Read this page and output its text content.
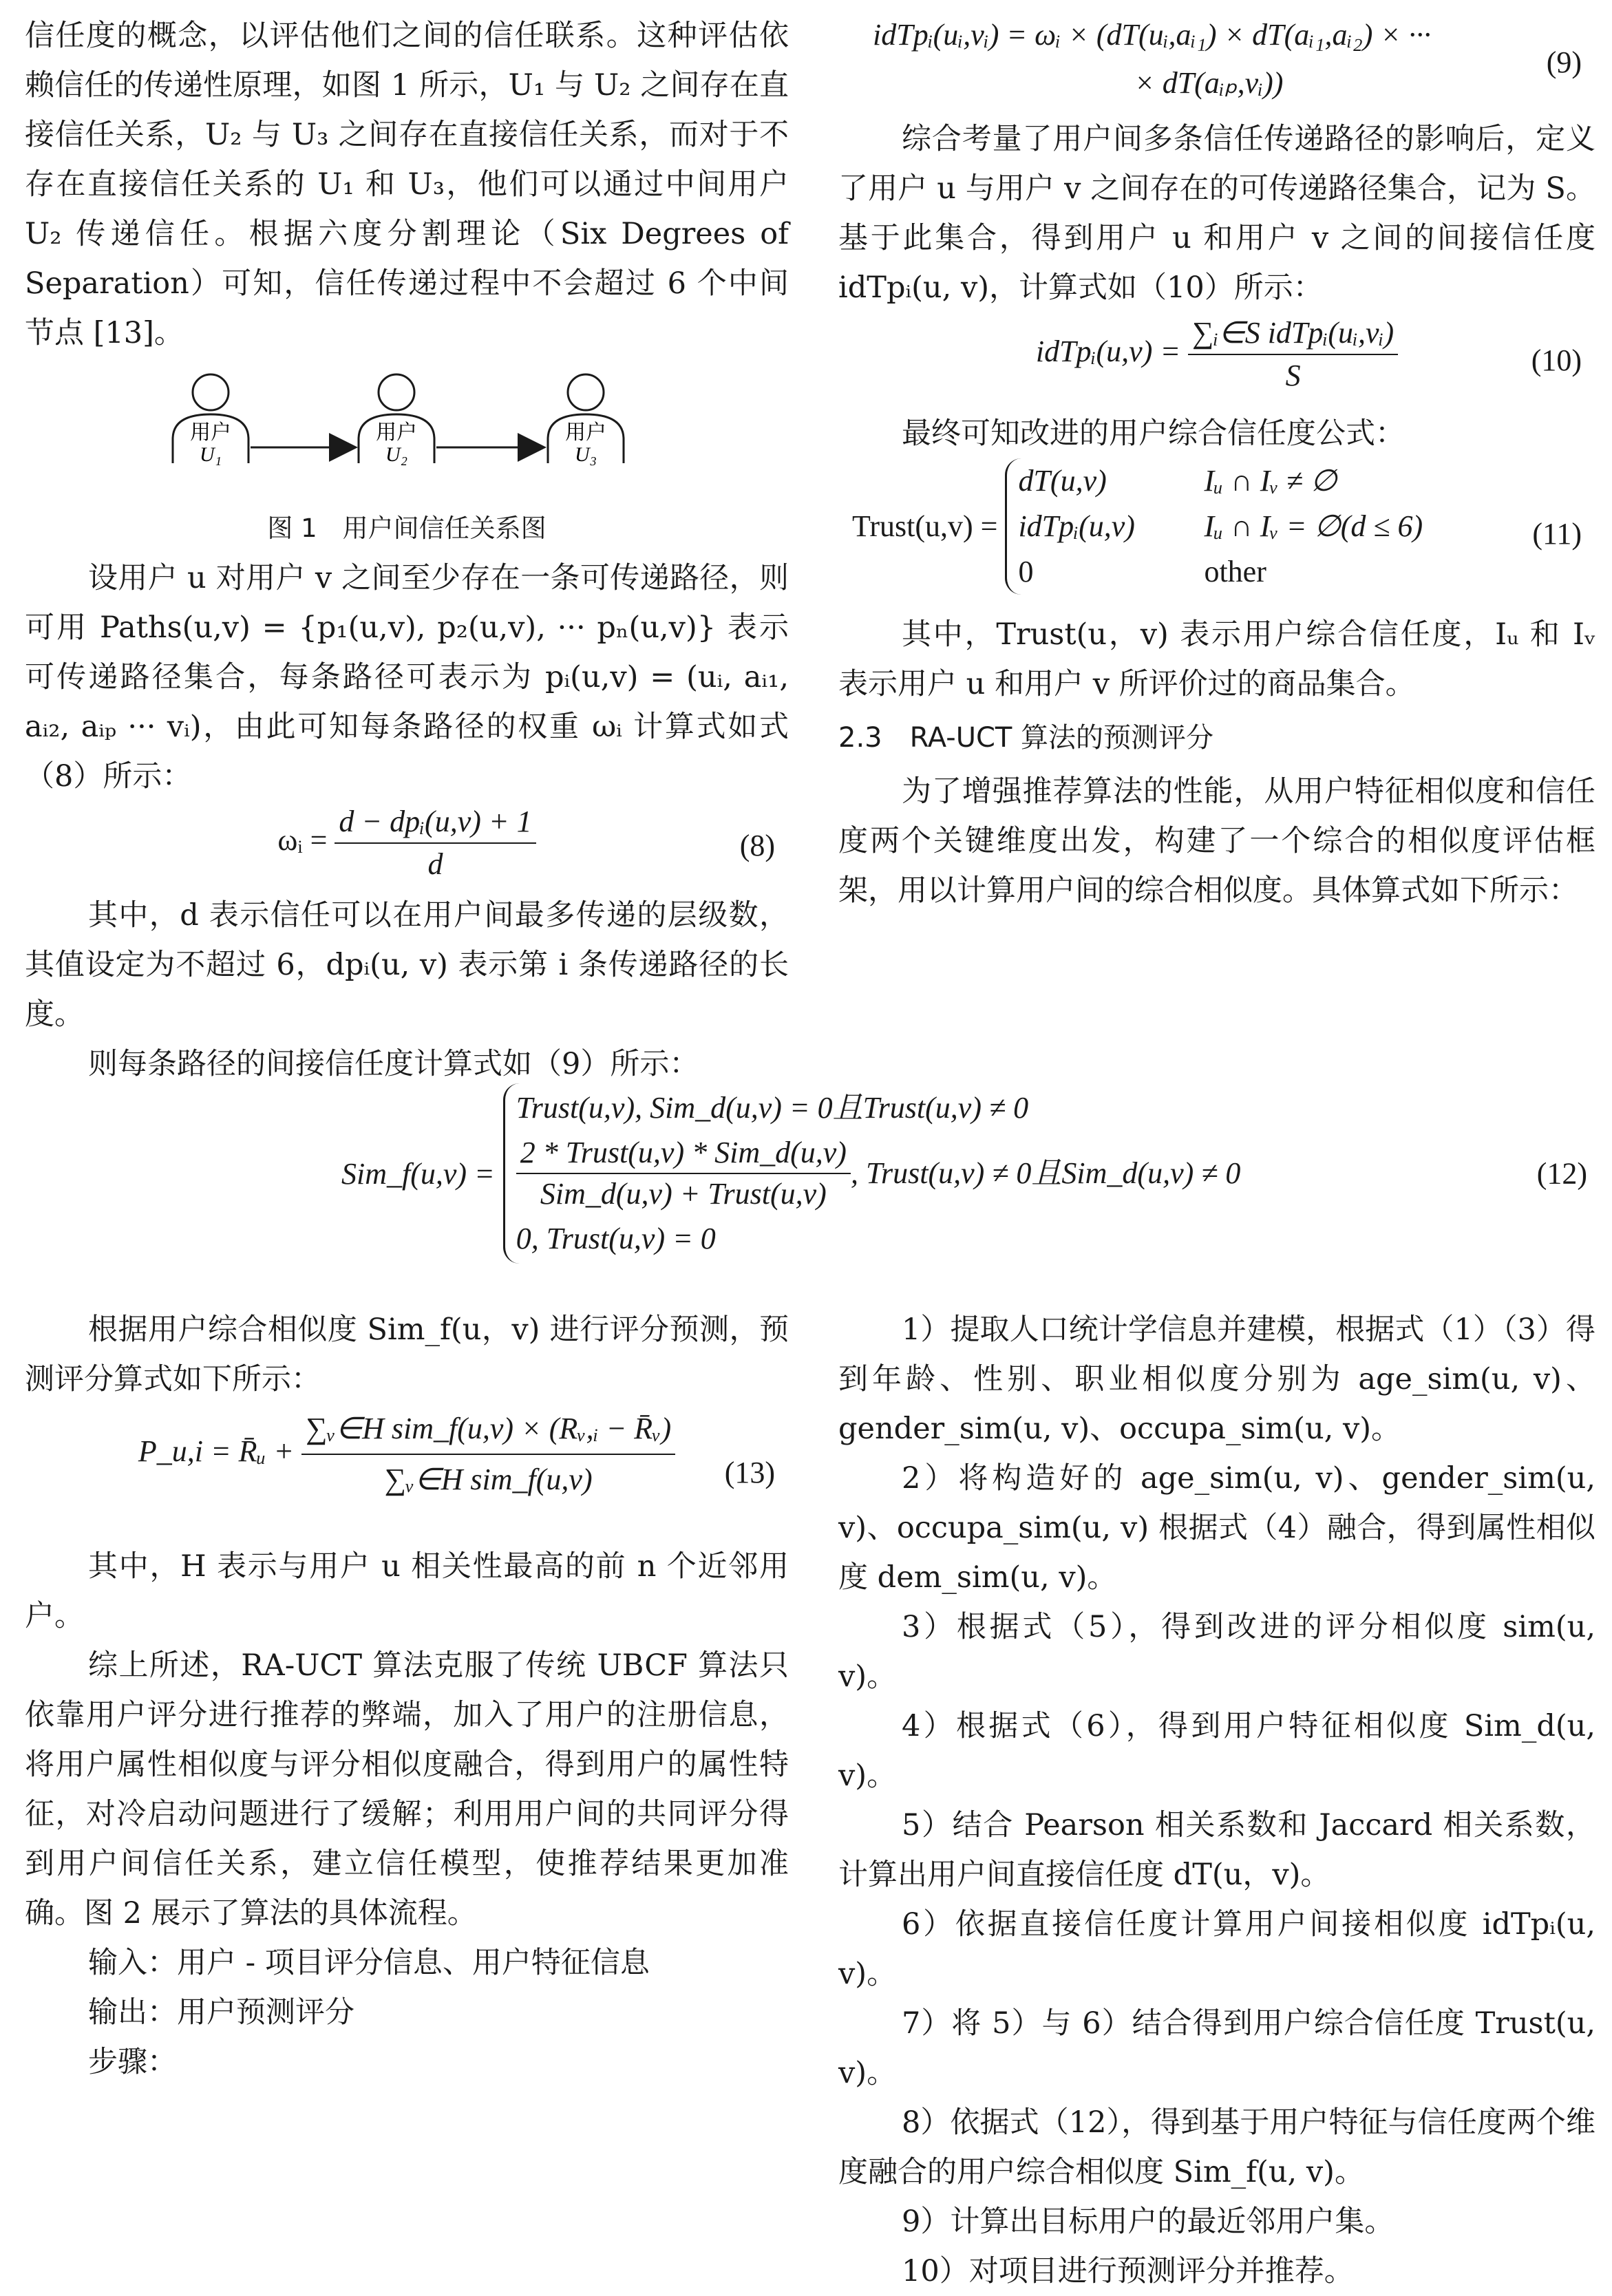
信任度的概念，以评估他们之间的信任联系。这种评估依赖信任的传递性原理，如图 1 所示，U₁ 与 U₂ 之间存在直接信任关系，U₂ 与 U₃ 之间存在直接信任关系，而对于不存在直接信任关系的 U₁ 和 U₃，他们可以通过中间用户 U₂ 传递信任。根据六度分割理论（Six Degrees of Separation）可知，信任传递过程中不会超过 6 个中间节点 [13]。

用户
U₁
用户
U₂
用户
U₃
图 1　用户间信任关系图

设用户 u 对用户 v 之间至少存在一条可传递路径，则可用 Paths(u,v) = {p₁(u,v), p₂(u,v), ··· pₙ(u,v)} 表示可传递路径集合，每条路径可表示为 pᵢ(u,v) = (uᵢ, aᵢ₁, aᵢ₂, aᵢₚ ··· vᵢ)，由此可知每条路径的权重 ωᵢ 计算式如式（8）所示：

ωᵢ = $\frac{\text{d − dpᵢ(u,v) + 1}}{d}$	(8)

其中，d 表示信任可以在用户间最多传递的层级数，其值设定为不超过 6，dpᵢ(u, v) 表示第 i 条传递路径的长度。

则每条路径的间接信任度计算式如（9）所示：

idTpᵢ(uᵢ,vᵢ) = ωᵢ × (dT(uᵢ,aᵢ₁) × dT(aᵢ₁,aᵢ₂) × ···
× dT(aᵢₚ,vᵢ))
(9)

综合考量了用户间多条信任传递路径的影响后，定义了用户 u 与用户 v 之间存在的可传递路径集合，记为 S。基于此集合，得到用户 u 和用户 v 之间的间接信任度 idTpᵢ(u, v)，计算式如（10）所示：

idTpᵢ(u,v) = $\frac{\text{∑ᵢ∈S idTpᵢ(uᵢ,vᵢ)}}{S}$	(10)

最终可知改进的用户综合信任度公式：

Trust(u,v) =
dT(u,v)	Iᵤ ∩ Iᵥ ≠ ∅
idTpᵢ(u,v) Iᵤ ∩ Iᵥ = ∅(d ≤ 6)
0	other
(11)

其中，Trust(u，v) 表示用户综合信任度，Iᵤ 和 Iᵥ 表示用户 u 和用户 v 所评价过的商品集合。

2.3　RA-UCT 算法的预测评分

为了增强推荐算法的性能，从用户特征相似度和信任度两个关键维度出发，构建了一个综合的相似度评估框架，用以计算用户间的综合相似度。具体算式如下所示：

Sim_f(u,v) =
Trust(u,v), Sim_d(u,v) = 0且Trust(u,v) ≠ 0
$\frac{\text{2 * Trust(u,v) * Sim\_d(u,v)}}{\text{Sim\_d(u,v) + Trust(u,v)}}$ , Trust(u,v) ≠ 0且Sim_d(u,v) ≠ 0
0, Trust(u,v) = 0
(12)

根据用户综合相似度 Sim_f(u，v) 进行评分预测，预测评分算式如下所示：

P_u,i = R̄ᵤ + $\frac{\text{∑ᵥ∈H sim\_f(u,v) × (Rᵥ,ᵢ − R̄ᵥ)}}{\text{∑ᵥ∈H sim\_f(u,v)}} (13)$

其中，H 表示与用户 u 相关性最高的前 n 个近邻用户。

综上所述，RA-UCT 算法克服了传统 UBCF 算法只依靠用户评分进行推荐的弊端，加入了用户的注册信息，将用户属性相似度与评分相似度融合，得到用户的属性特征，对冷启动问题进行了缓解；利用用户间的共同评分得到用户间信任关系，建立信任模型，使推荐结果更加准确。图 2 展示了算法的具体流程。

输入：用户 - 项目评分信息、用户特征信息

输出：用户预测评分

步骤：

1）提取人口统计学信息并建模，根据式（1）（3）得到年龄、性别、职业相似度分别为 age_sim(u, v)、gender_sim(u, v)、occupa_sim(u, v)。

2）将构造好的 age_sim(u, v)、gender_sim(u, v)、occupa_sim(u, v) 根据式（4）融合，得到属性相似度 dem_sim(u, v)。

3）根据式（5），得到改进的评分相似度 sim(u, v)。

4）根据式（6），得到用户特征相似度 Sim_d(u, v)。

5）结合 Pearson 相关系数和 Jaccard 相关系数，计算出用户间直接信任度 dT(u，v)。

6）依据直接信任度计算用户间接相似度 idTpᵢ(u, v)。

7）将 5）与 6）结合得到用户综合信任度 Trust(u, v)。

8）依据式（12），得到基于用户特征与信任度两个维度融合的用户综合相似度 Sim_f(u, v)。

9）计算出目标用户的最近邻用户集。

10）对项目进行预测评分并推荐。
